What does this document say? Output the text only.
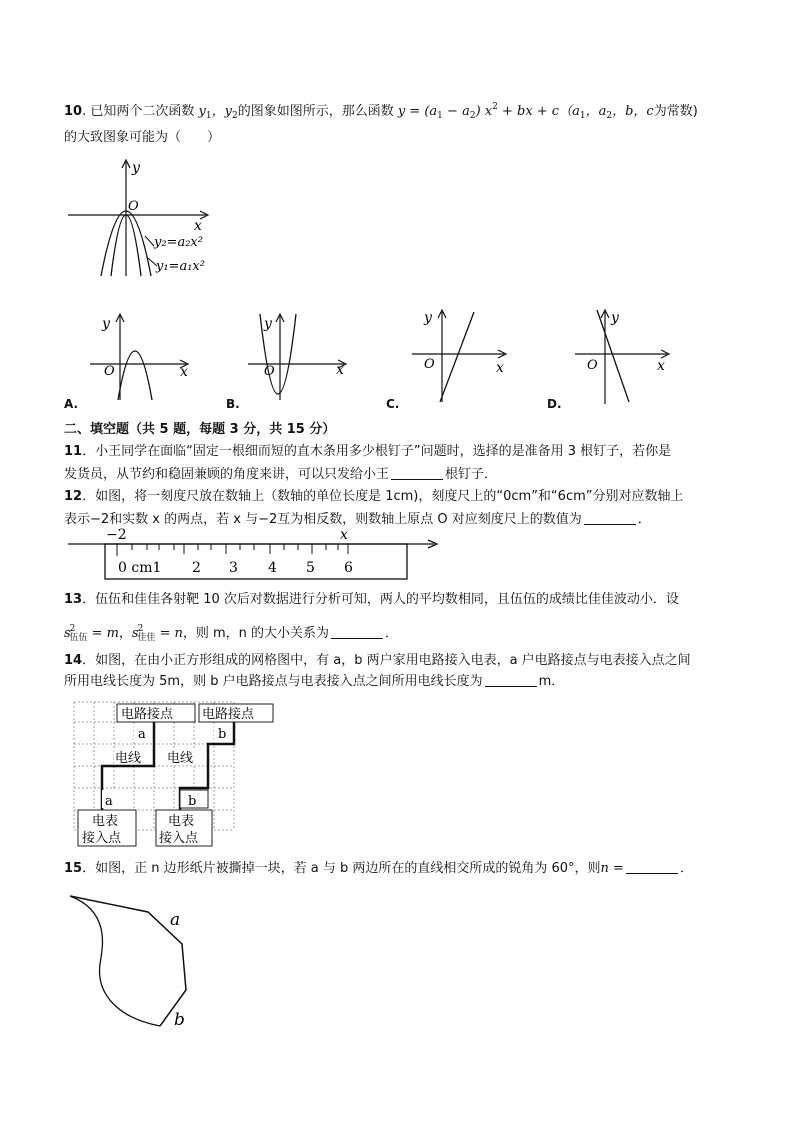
10. 已知两个二次函数 $y_1$，$y_2$的图象如图所示，那么函数 $y = (a_1 - a_2) x^2$ + bx + $c(a_1$，$a_2$，b，c为常数)
的大致图象可能为（　　）
y
x
O
y₂=a₂x²
y₁=a₁x²
y
x
O
A.
y
x
O
B.
y
x
O
C.
y
x
O
D.
二、填空题（共 5 题，每题 3 分，共 15 分）
11．小王同学在面临“固定一根细而短的直木条用多少根钉子”问题时，选择的是准备用 3 根钉子，若你是
发货员，从节约和稳固兼顾的角度来讲，可以只发给小王	根钉子．
12．如图，将一刻度尺放在数轴上（数轴的单位长度是 1cm)，刻度尺上的“0cm”和“6cm”分别对应数轴上
表示−2和实数 x 的两点，若 x 与−2互为相反数，则数轴上原点 O 对应刻度尺上的数值为	．
−2	x
0 cm1 2 3 4 5 6
13．伍伍和佳佳各射靶 10 次后对数据进行分析可知，两人的平均数相同，且伍伍的成绩比佳佳波动小．设
$s^2_{伍伍} = m$，$s^2_{佳佳} = n$，则 m，n 的大小关系为	．
14．如图，在由小正方形组成的网格图中，有 a，b 两户家用电路接入电表，a 户电路接点与电表接入点之间
所用电线长度为 5m，则 b 户电路接点与电表接入点之间所用电线长度为	m．
电路接点 电路接点
a	b
电线 电线
a	b
电表
接入点
电表
接入点
15．如图，正 n 边形纸片被撕掉一块，若 a 与 b 两边所在的直线相交所成的锐角为 60°，则n =	．
a
b
